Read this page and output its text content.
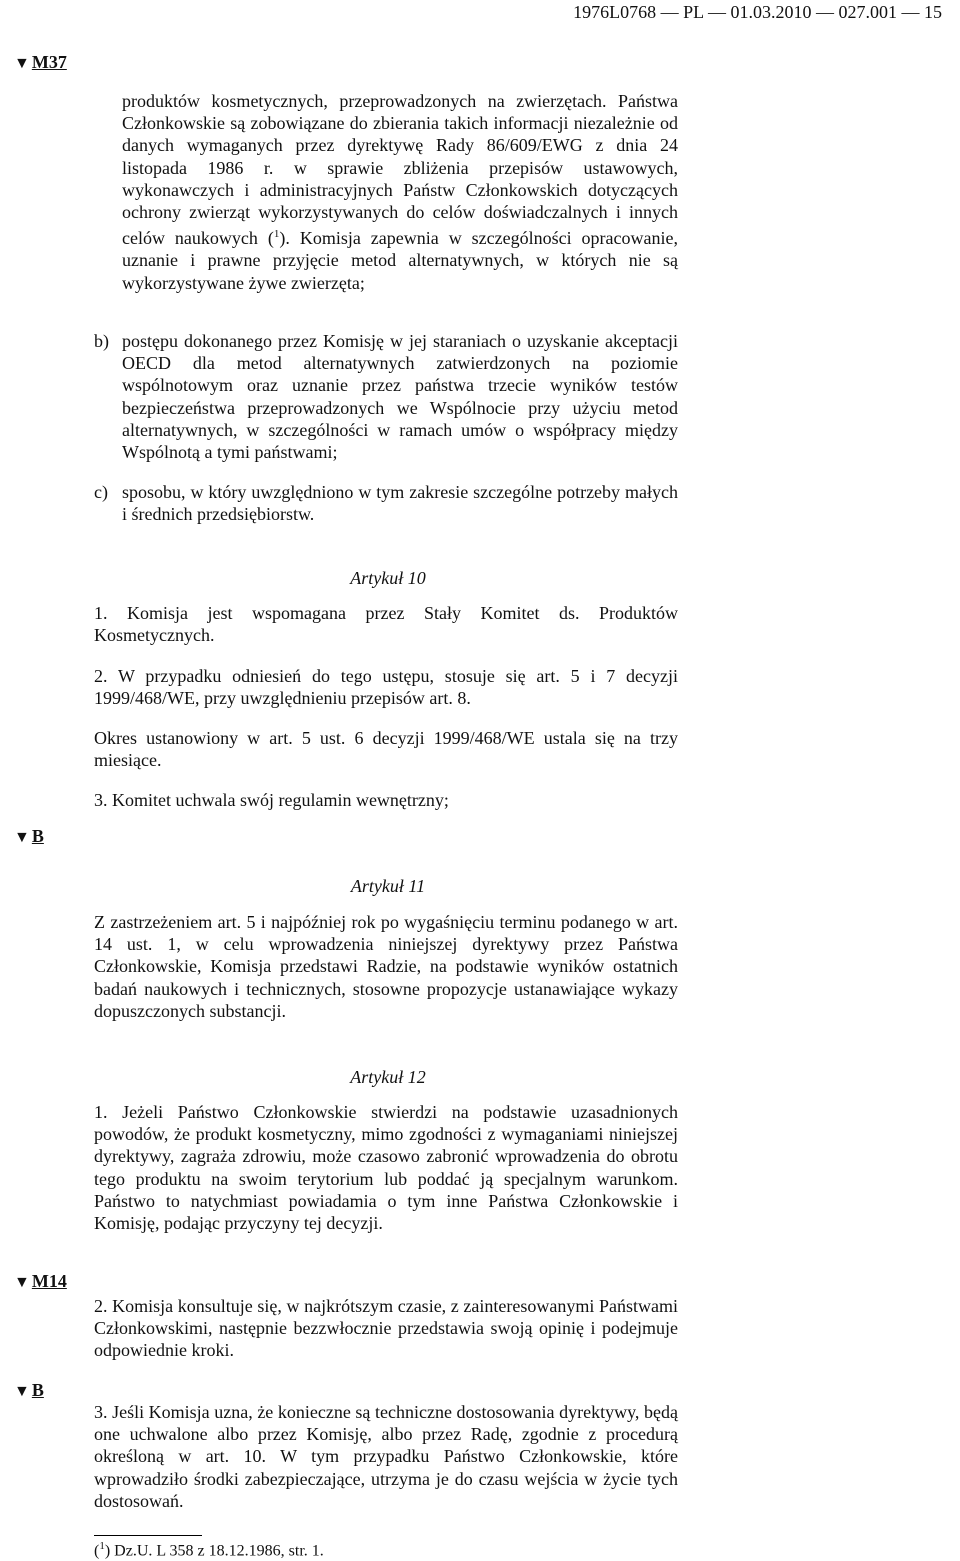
1976L0768 — PL — 01.03.2010 — 027.001 — 15
▼ M37
▼ B
▼ M14
▼ B
produktów kosmetycznych, przeprowadzonych na zwierzętach. Państwa Członkowskie są zobowiązane do zbierania takich informacji niezależnie od danych wymaganych przez dyrektywę Rady 86/609/EWG z dnia 24 listopada 1986 r. w sprawie zbliżenia przepisów ustawowych, wykonawczych i administracyjnych Państw Członkowskich dotyczących ochrony zwierząt wykorzystywanych do celów doświadczalnych i innych celów naukowych ($^1$). Komisja zapewnia w szczególności opracowanie, uznanie i prawne przyjęcie metod alternatywnych, w których nie są wykorzystywane żywe zwierzęta;
b) postępu dokonanego przez Komisję w jej staraniach o uzyskanie akceptacji OECD dla metod alternatywnych zatwierdzonych na poziomie wspólnotowym oraz uznanie przez państwa trzecie wyników testów bezpieczeństwa przeprowadzonych we Wspólnocie przy użyciu metod alternatywnych, w szczególności w ramach umów o współpracy między Wspólnotą a tymi państwami;
c) sposobu, w który uwzględniono w tym zakresie szczególne potrzeby małych i średnich przedsiębiorstw.
Artykuł 10
1. Komisja jest wspomagana przez Stały Komitet ds. Produktów Kosmetycznych.
2. W przypadku odniesień do tego ustępu, stosuje się art. 5 i 7 decyzji 1999/468/WE, przy uwzględnieniu przepisów art. 8.
Okres ustanowiony w art. 5 ust. 6 decyzji 1999/468/WE ustala się na trzy miesiące.
3. Komitet uchwala swój regulamin wewnętrzny;
Artykuł 11
Z zastrzeżeniem art. 5 i najpóźniej rok po wygaśnięciu terminu podanego w art. 14 ust. 1, w celu wprowadzenia niniejszej dyrektywy przez Państwa Członkowskie, Komisja przedstawi Radzie, na podstawie wyników ostatnich badań naukowych i technicznych, stosowne propozycje ustanawiające wykazy dopuszczonych substancji.
Artykuł 12
1. Jeżeli Państwo Członkowskie stwierdzi na podstawie uzasadnionych powodów, że produkt kosmetyczny, mimo zgodności z wymaganiami niniejszej dyrektywy, zagraża zdrowiu, może czasowo zabronić wprowadzenia do obrotu tego produktu na swoim terytorium lub poddać ją specjalnym warunkom. Państwo to natychmiast powiadamia o tym inne Państwa Członkowskie i Komisję, podając przyczyny tej decyzji.
2. Komisja konsultuje się, w najkrótszym czasie, z zainteresowanymi Państwami Członkowskimi, następnie bezzwłocznie przedstawia swoją opinię i podejmuje odpowiednie kroki.
3. Jeśli Komisja uzna, że konieczne są techniczne dostosowania dyrektywy, będą one uchwalone albo przez Komisję, albo przez Radę, zgodnie z procedurą określoną w art. 10. W tym przypadku Państwo Członkowskie, które wprowadziło środki zabezpieczające, utrzyma je do czasu wejścia w życie tych dostosowań.
($^1$) Dz.U. L 358 z 18.12.1986, str. 1.
